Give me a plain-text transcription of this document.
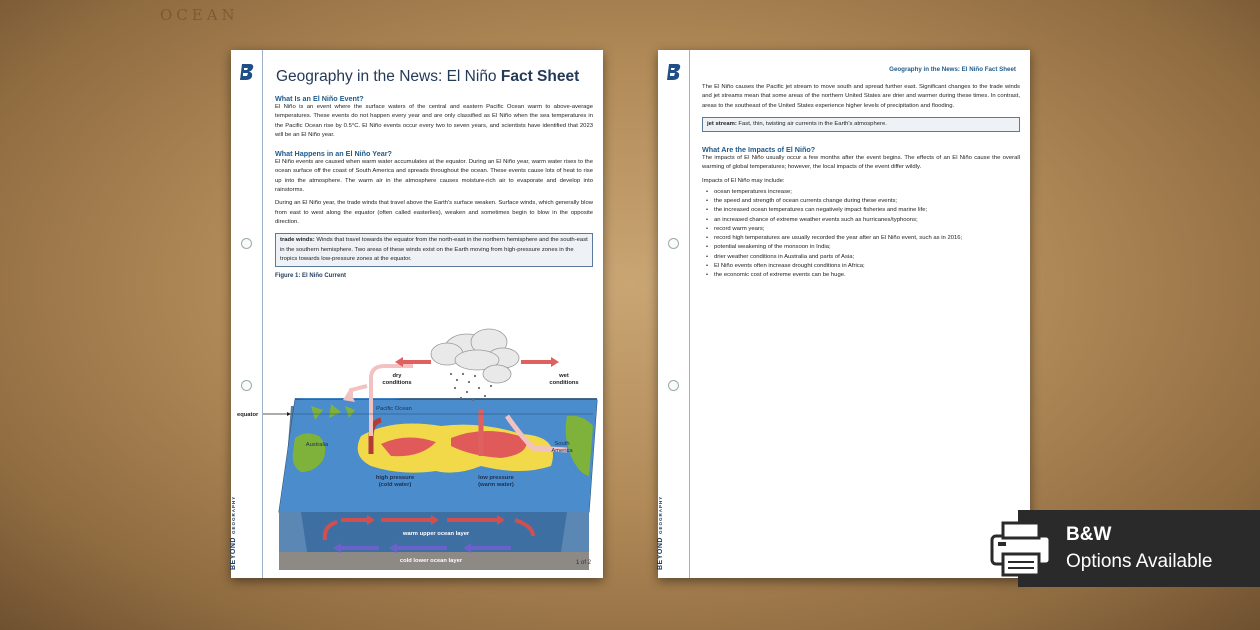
OCEAN
BEYONDGEOGRAPHY
Geography in the News: El Niño Fact Sheet
What Is an El Niño Event?

El Niño is an event where the surface waters of the central and eastern Pacific Ocean warm to above-average temperatures. These events do not happen every year and are only classified as El Niño when the sea temperatures in the Pacific Ocean rise by 0.5°C. El Niño events occur every two to seven years, and scientists have identified that 2023 will be an El Niño year.

What Happens in an El Niño Year?

El Niño events are caused when warm water accumulates at the equator. During an El Niño year, warm water rises to the ocean surface off the coast of South America and spreads throughout the ocean. These events cause lots of heat to rise up into the atmosphere. The warm air in the atmosphere causes moisture-rich air to evaporate and develop into rainstorms.

During an El Niño year, the trade winds that travel above the Earth's surface weaken. Surface winds, which generally blow from east to west along the equator (often called easterlies), weaken and sometimes begin to blow in the opposite direction.

trade winds: Winds that travel towards the equator from the north-east in the northern hemisphere and the south-east in the southern hemisphere. Two areas of these winds exist on the Earth moving from high-pressure zones in the tropics towards low-pressure zones at the equator.
Figure 1: El Niño Current
warm upper ocean layer
cold lower ocean layer
dry conditions
wet conditions
equator
Pacific Ocean
Australia	South America
high pressure (cold water)
low pressure (warm water)
1 of 2	BEYONDGEOGRAPHY
Geography in the News: El Niño Fact Sheet

The El Niño causes the Pacific jet stream to move south and spread further east. Significant changes to the trade winds and jet streams mean that some areas of the northern United States are drier and warmer during these times. In contrast, areas to the southeast of the United States experience higher levels of precipitation and flooding.

jet stream: Fast, thin, twisting air currents in the Earth's atmosphere.
What Are the Impacts of El Niño?

The impacts of El Niño usually occur a few months after the event begins. The effects of an El Niño cause the overall warming of global temperatures; however, the local impacts of the event differ wildly.

Impacts of El Niño may include:

• ocean temperatures increase;
• the speed and strength of ocean currents change during these events;
• the increased ocean temperatures can negatively impact fisheries and marine life;
• an increased chance of extreme weather events such as hurricanes/typhoons;
• record warm years;
• record high temperatures are usually recorded the year after an El Niño event, such as in 2016;
• potential weakening of the monsoon in India;
• drier weather conditions in Australia and parts of Asia;
• El Niño events often increase drought conditions in Africa;
• the economic cost of extreme events can be huge.
B&W
Options Available
